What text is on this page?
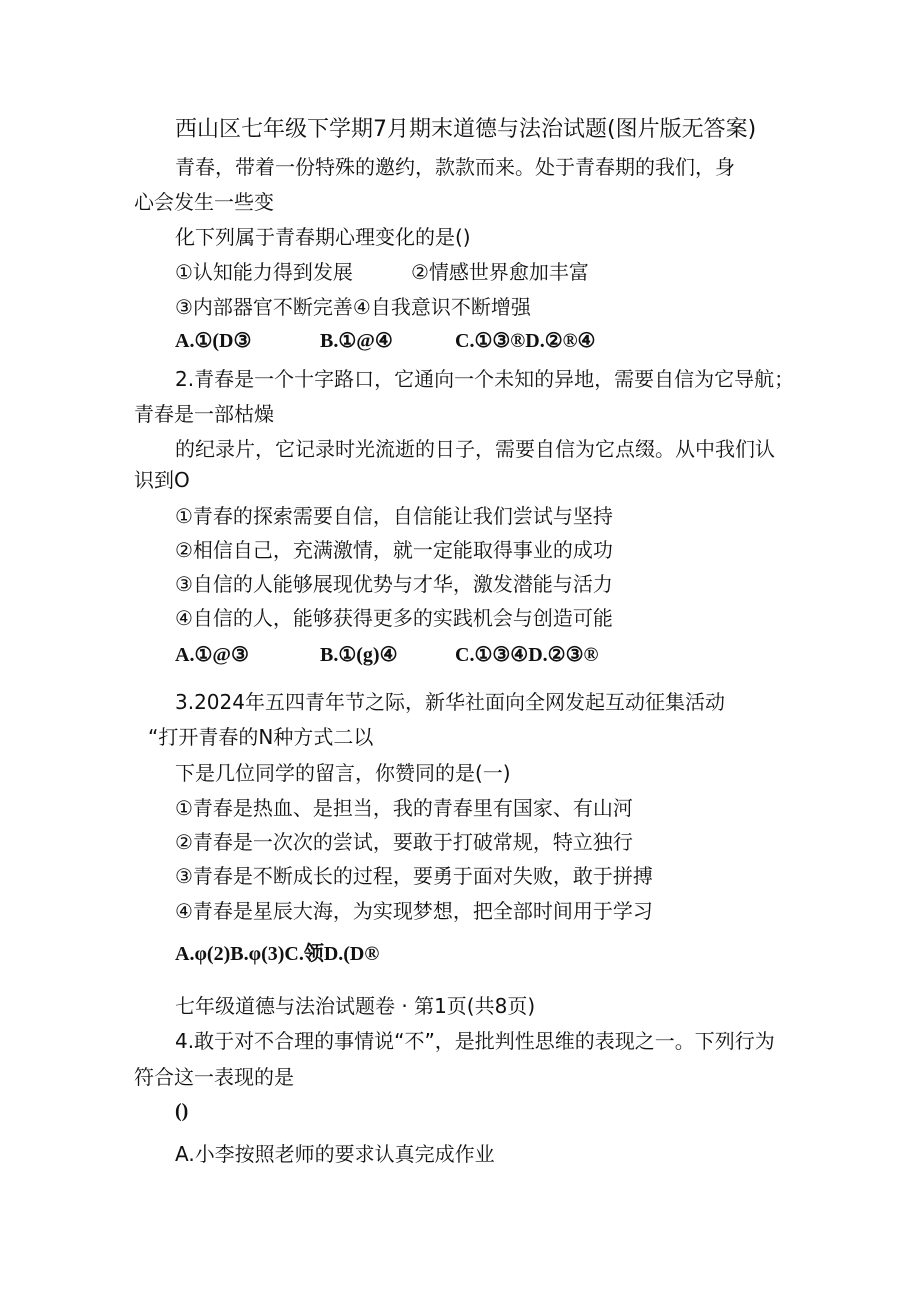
西山区七年级下学期7月期末道德与法治试题(图片版无答案)
青春，带着一份特殊的邀约，款款而来。处于青春期的我们，身
心会发生一些变
化下列属于青春期心理变化的是()
①认知能力得到发展	②情感世界愈加丰富
③内部器官不断完善④自我意识不断增强
A.①(D③	B.①@④	C.①③®D.②®④
2.青春是一个十字路口，它通向一个未知的异地，需要自信为它导航；
青春是一部枯燥
的纪录片，它记录时光流逝的日子，需要自信为它点缀。从中我们认
识到O
①青春的探索需要自信，自信能让我们尝试与坚持
②相信自己，充满激情，就一定能取得事业的成功
③自信的人能够展现优势与才华，激发潜能与活力
④自信的人，能够获得更多的实践机会与创造可能
A.①@③	B.①(g)④	C.①③④D.②③®
3.2024年五四青年节之际，新华社面向全网发起互动征集活动
“打开青春的N种方式二以
下是几位同学的留言，你赞同的是(一)
①青春是热血、是担当，我的青春里有国家、有山河
②青春是一次次的尝试，要敢于打破常规，特立独行
③青春是不断成长的过程，要勇于面对失败，敢于拼搏
④青春是星辰大海，为实现梦想，把全部时间用于学习
A.φ(2)B.φ(3)C.领D.(D®
七年级道德与法治试题卷 · 第1页(共8页)
4.敢于对不合理的事情说“不”，是批判性思维的表现之一。下列行为
符合这一表现的是
()
A.小李按照老师的要求认真完成作业
